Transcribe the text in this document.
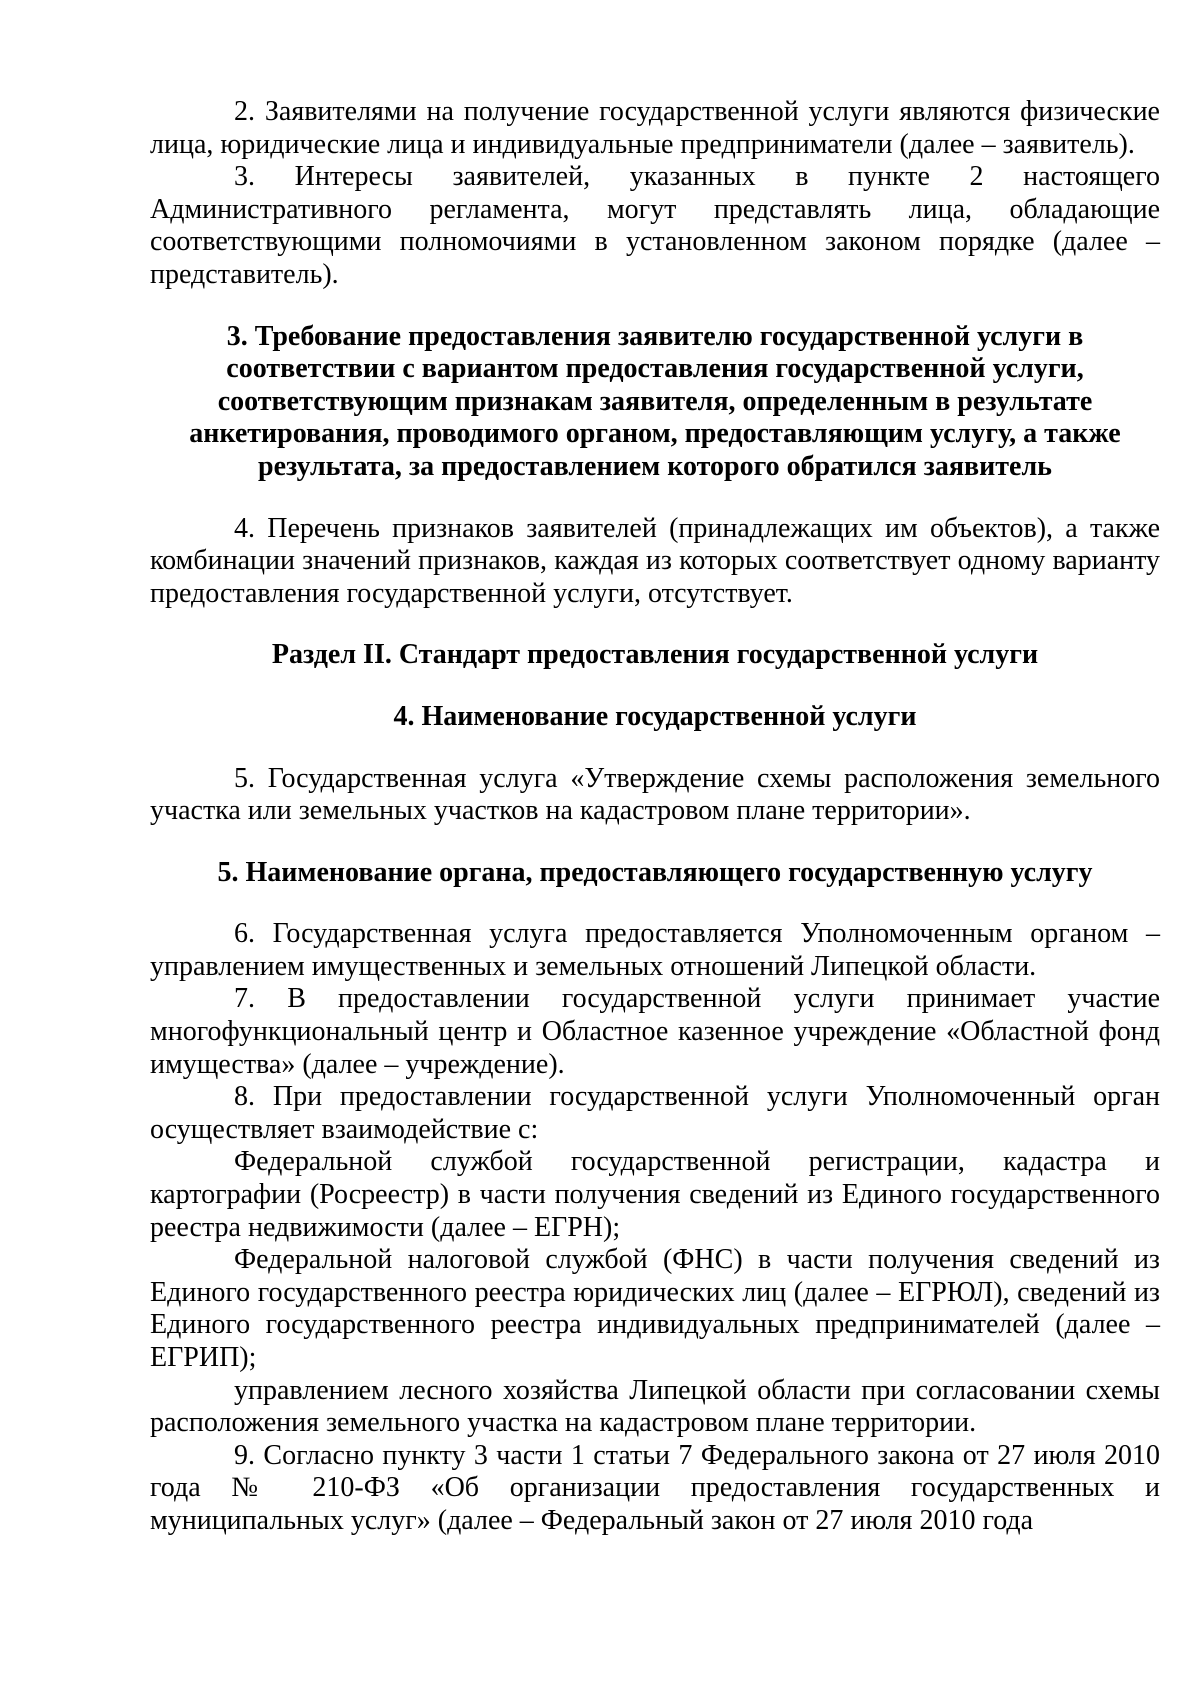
2. Заявителями на получение государственной услуги являются физические лица, юридические лица и индивидуальные предприниматели (далее – заявитель).

3. Интересы заявителей, указанных в пункте 2 настоящего Административного регламента, могут представлять лица, обладающие соответствующими полномочиями в установленном законом порядке (далее – представитель).

3. Требование предоставления заявителю государственной услуги в
соответствии с вариантом предоставления государственной услуги,
соответствующим признакам заявителя, определенным в результате
анкетирования, проводимого органом, предоставляющим услугу, а также
результата, за предоставлением которого обратился заявитель

4. Перечень признаков заявителей (принадлежащих им объектов), а также комбинации значений признаков, каждая из которых соответствует одному варианту предоставления государственной услуги, отсутствует.

Раздел II. Стандарт предоставления государственной услуги
4. Наименование государственной услуги

5. Государственная услуга «Утверждение схемы расположения земельного участка или земельных участков на кадастровом плане территории».

5. Наименование органа, предоставляющего государственную услугу

6. Государственная услуга предоставляется Уполномоченным органом – управлением имущественных и земельных отношений Липецкой области.

7. В предоставлении государственной услуги принимает участие многофункциональный центр и Областное казенное учреждение «Областной фонд имущества» (далее – учреждение).

8. При предоставлении государственной услуги Уполномоченный орган осуществляет взаимодействие с:

Федеральной службой государственной регистрации, кадастра и картографии (Росреестр) в части получения сведений из Единого государственного реестра недвижимости (далее – ЕГРН);

Федеральной налоговой службой (ФНС) в части получения сведений из Единого государственного реестра юридических лиц (далее – ЕГРЮЛ), сведений из Единого государственного реестра индивидуальных предпринимателей (далее – ЕГРИП);

управлением лесного хозяйства Липецкой области при согласовании схемы расположения земельного участка на кадастровом плане территории.

9. Согласно пункту 3 части 1 статьи 7 Федерального закона от 27 июля 2010 года № 210-ФЗ «Об организации предоставления государственных и муниципальных услуг» (далее – Федеральный закон от 27 июля 2010 года
